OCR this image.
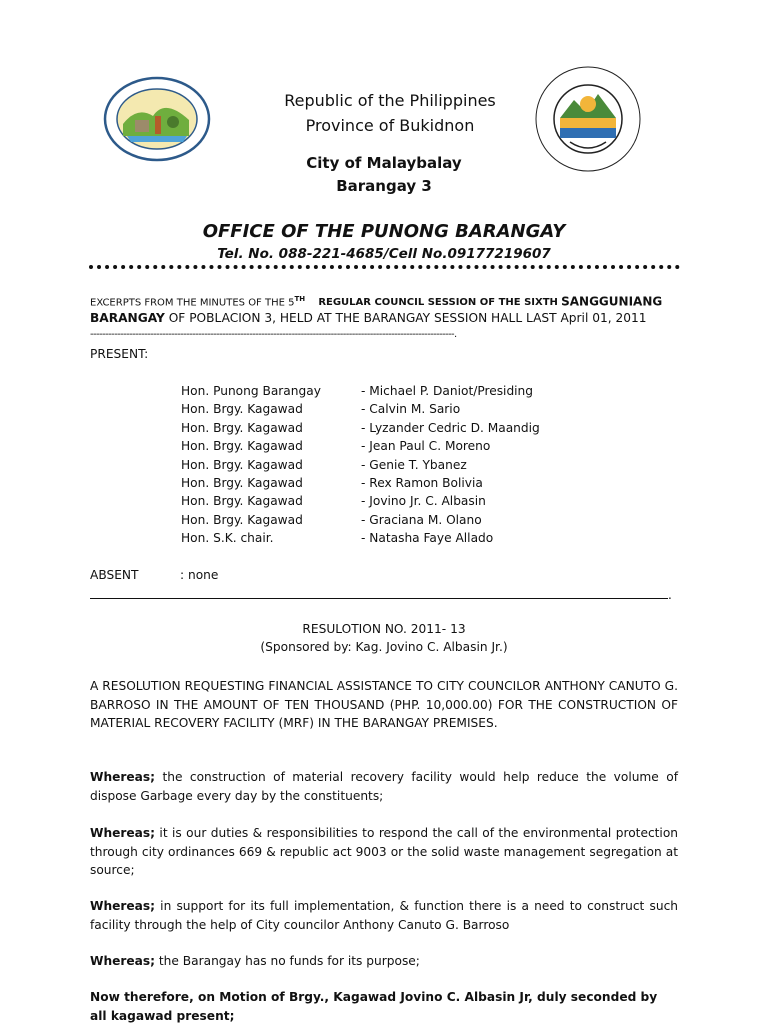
Republic of the Philippines
Province of Bukidnon
City of Malaybalay
Barangay 3
OFFICE OF THE PUNONG BARANGAY
Tel. No. 088-221-4685/Cell No.09177219607
EXCERPTS FROM THE MINUTES OF THE 5TH REGULAR COUNCIL SESSION OF THE SIXTH SANGGUNIANG
BARANGAY OF POBLACION 3, HELD AT THE BARANGAY SESSION HALL LAST April 01, 2011
-------------------------------------------------------------------------------------------------------------------------.
PRESENT:
Hon. Punong Barangay	- Michael P. Daniot/Presiding
Hon. Brgy. Kagawad	- Calvin M. Sario
Hon. Brgy. Kagawad	- Lyzander Cedric D. Maandig
Hon. Brgy. Kagawad	- Jean Paul C. Moreno
Hon. Brgy. Kagawad	- Genie T. Ybanez
Hon. Brgy. Kagawad	- Rex Ramon Bolivia
Hon. Brgy. Kagawad	- Jovino Jr. C. Albasin
Hon. Brgy. Kagawad	- Graciana M. Olano
Hon. S.K. chair.	- Natasha Faye Allado
ABSENT	: none
.
RESULOTION NO. 2011- 13
(Sponsored by: Kag. Jovino C. Albasin Jr.)
A RESOLUTION REQUESTING FINANCIAL ASSISTANCE TO CITY COUNCILOR ANTHONY CANUTO G. BARROSO IN THE AMOUNT OF TEN THOUSAND (PHP. 10,000.00) FOR THE CONSTRUCTION OF MATERIAL RECOVERY FACILITY (MRF) IN THE BARANGAY PREMISES.
Whereas; the construction of material recovery facility would help reduce the volume of dispose Garbage every day by the constituents;
Whereas; it is our duties & responsibilities to respond the call of the environmental protection through city ordinances 669 & republic act 9003 or the solid waste management segregation at source;
Whereas; in support for its full implementation, & function there is a need to construct such facility through the help of City councilor Anthony Canuto G. Barroso
Whereas; the Barangay has no funds for its purpose;
Now therefore, on Motion of Brgy., Kagawad Jovino C. Albasin Jr, duly seconded by all kagawad present;
